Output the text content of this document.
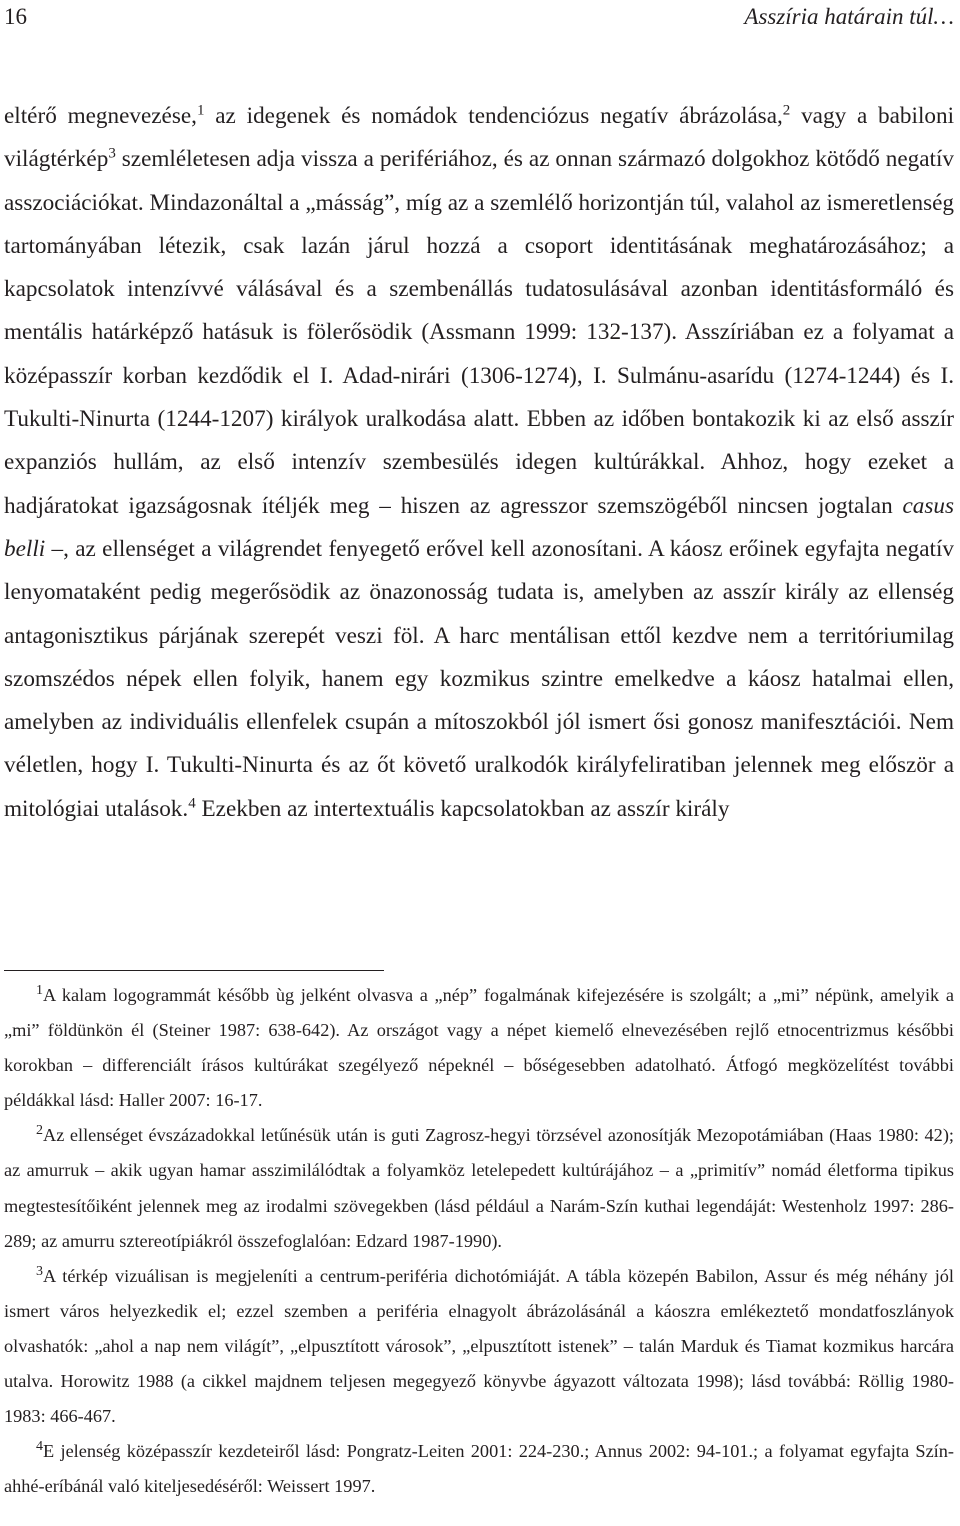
16	Asszíria határain túl…

eltérő megnevezése,$^1$ az idegenek és nomádok tendenciózus negatív ábrázolása,$^2$ vagy a babiloni világtérkép$^3$ szemléletesen adja vissza a perifériához, és az onnan származó dolgokhoz kötődő negatív asszociációkat. Mindazonáltal a „másság”, míg az a szemlélő horizontján túl, valahol az ismeretlenség tartományában létezik, csak lazán járul hozzá a csoport identitásának meghatározásához; a kapcsolatok intenzívvé válásával és a szembenállás tudatosulásával azonban identitásformáló és mentális határképző hatásuk is fölerősödik (Assmann 1999: 132-137). Asszíriában ez a folyamat a középasszír korban kezdődik el I. Adad-nirári (1306-1274), I. Sulmánu-asarídu (1274-1244) és I. Tukulti-Ninurta (1244-1207) királyok uralkodása alatt. Ebben az időben bontakozik ki az első asszír expanziós hullám, az első intenzív szembesülés idegen kultúrákkal. Ahhoz, hogy ezeket a hadjáratokat igazságosnak ítéljék meg – hiszen az agresszor szemszögéből nincsen jogtalan casus belli –, az ellenséget a világrendet fenyegető erővel kell azonosítani. A káosz erőinek egyfajta negatív lenyomataként pedig megerősödik az önazonosság tudata is, amelyben az asszír király az ellenség antagonisztikus párjának szerepét veszi föl. A harc mentálisan ettől kezdve nem a territóriumilag szomszédos népek ellen folyik, hanem egy kozmikus szintre emelkedve a káosz hatalmai ellen, amelyben az individuális ellenfelek csupán a mítoszokból jól ismert ősi gonosz manifesztációi. Nem véletlen, hogy I. Tukulti-Ninurta és az őt követő uralkodók királyfeliratiban jelennek meg először a mitológiai utalások.$^4$ Ezekben az intertextuális kapcsolatokban az asszír király

$^1$A kalam logogrammát később ùg jelként olvasva a „nép” fogalmának kifejezésére is szolgált; a „mi” népünk, amelyik a „mi” földünkön él (Steiner 1987: 638-642). Az országot vagy a népet kiemelő elnevezésében rejlő etnocentrizmus későbbi korokban – differenciált írásos kultúrákat szegélyező népeknél – bőségesebben adatolható. Átfogó megközelítést további példákkal lásd: Haller 2007: 16-17.

$^2$Az ellenséget évszázadokkal letűnésük után is guti Zagrosz-hegyi törzsével azonosítják Mezopotámiában (Haas 1980: 42); az amurruk – akik ugyan hamar asszimilálódtak a folyamköz letelepedett kultúrájához – a „primitív” nomád életforma tipikus megtestesítőiként jelennek meg az irodalmi szövegekben (lásd például a Narám-Szín kuthai legendáját: Westenholz 1997: 286-289; az amurru sztereotípiákról összefoglalóan: Edzard 1987-1990).

$^3$A térkép vizuálisan is megjeleníti a centrum-periféria dichotómiáját. A tábla közepén Babilon, Assur és még néhány jól ismert város helyezkedik el; ezzel szemben a periféria elnagyolt ábrázolásánál a káoszra emlékeztető mondatfoszlányok olvashatók: „ahol a nap nem világít”, „elpusztított városok”, „elpusztított istenek” – talán Marduk és Tiamat kozmikus harcára utalva. Horowitz 1988 (a cikkel majdnem teljesen megegyező könyvbe ágyazott változata 1998); lásd továbbá: Röllig 1980-1983: 466-467.

$^4$E jelenség középasszír kezdeteiről lásd: Pongratz-Leiten 2001: 224-230.; Annus 2002: 94-101.; a folyamat egyfajta Szín-ahhé-eríbánál való kiteljesedéséről: Weissert 1997.
